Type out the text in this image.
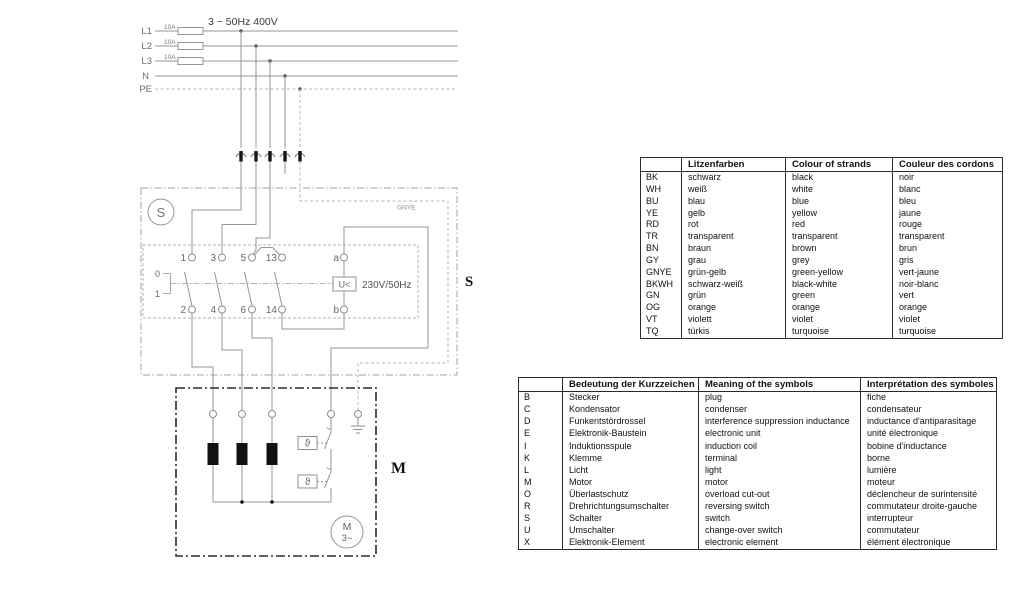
L1
L2
L3
N
PE
10A
10A
10A
3 ~ 50Hz 400V
S	GNYE
S
1 3 5 13	a
2 4 6 14	b
0
1
U< 230V/50Hz
M
ϑ
ϑ
M
3~
	Litzenfarben	Colour of strands	Couleur des cordons
BK	schwarz	black	noir
WH	weiß	white	blanc
BU	blau	blue	bleu
YE	gelb	yellow	jaune
RD	rot	red	rouge
TR	transparent	transparent	transparent
BN	braun	brown	brun
GY	grau	grey	gris
GNYE	grün-gelb	green-yellow	vert-jaune
BKWH	schwarz-weiß	black-white	noir-blanc
GN	grün	green	vert
OG	orange	orange	orange
VT	violett	violet	violet
TQ	türkis	turquoise	turquoise
	Bedeutung der Kurzzeichen	Meaning of the symbols	Interprétation des symboles
B	Stecker	plug	fiche
C	Kondensator	condenser	condensateur
D	Funkentstördrossel	interference suppression inductance	inductance d'antiparasitage
E	Elektronik-Baustein	electronic unit	unité électronique
I	Induktionsspule	induction coil	bobine d'inductance
K	Klemme	terminal	borne
L	Licht	light	lumière
M	Motor	motor	moteur
O	Überlastschutz	overload cut-out	déclencheur de surintensité
R	Drehrichtungsumschalter	reversing switch	commutateur droite-gauche
S	Schalter	switch	interrupteur
U	Umschalter	change-over switch	commutateur
X	Elektronik-Element	electronic element	élément électronique
